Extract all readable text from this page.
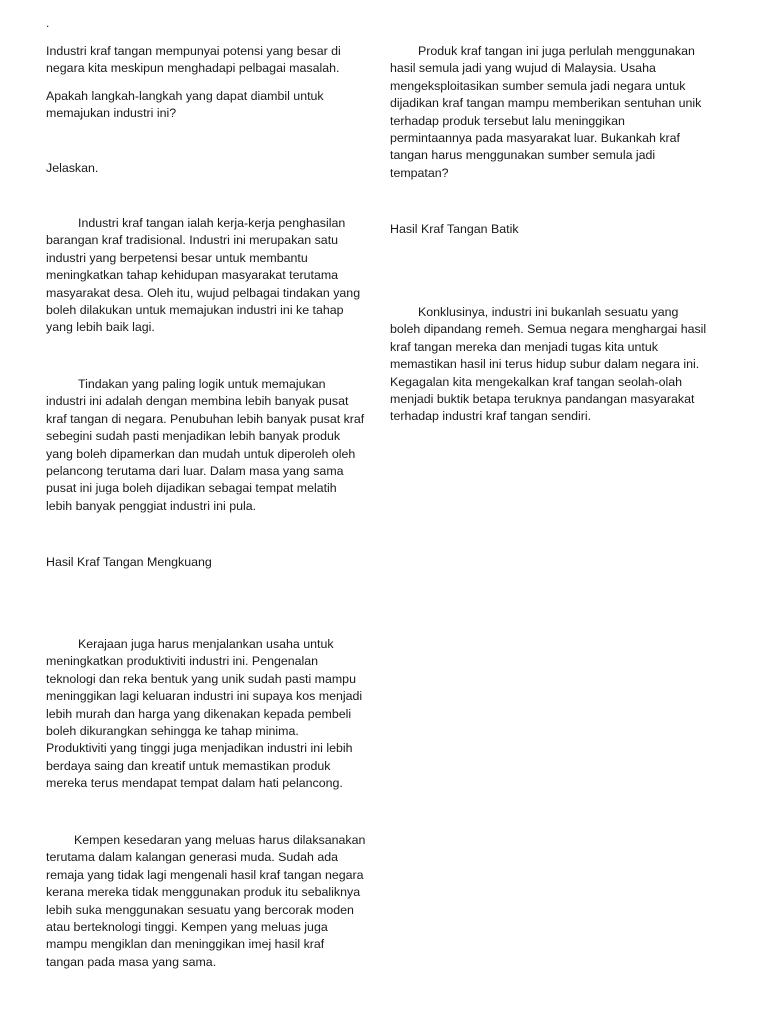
.

Industri kraf tangan mempunyai potensi yang besar di
negara kita meskipun menghadapi pelbagai masalah.

Apakah langkah-langkah yang dapat diambil untuk
memajukan industri ini?

Jelaskan.

Industri kraf tangan ialah kerja-kerja penghasilan
barangan kraf tradisional. Industri ini merupakan satu
industri yang berpetensi besar untuk membantu
meningkatkan tahap kehidupan masyarakat terutama
masyarakat desa. Oleh itu, wujud pelbagai tindakan yang
boleh dilakukan untuk memajukan industri ini ke tahap
yang lebih baik lagi.

Tindakan yang paling logik untuk memajukan
industri ini adalah dengan membina lebih banyak pusat
kraf tangan di negara. Penubuhan lebih banyak pusat kraf
sebegini sudah pasti menjadikan lebih banyak produk
yang boleh dipamerkan dan mudah untuk diperoleh oleh
pelancong terutama dari luar. Dalam masa yang sama
pusat ini juga boleh dijadikan sebagai tempat melatih
lebih banyak penggiat industri ini pula.

Hasil Kraf Tangan Mengkuang

Kerajaan juga harus menjalankan usaha untuk
meningkatkan produktiviti industri ini. Pengenalan
teknologi dan reka bentuk yang unik sudah pasti mampu
meninggikan lagi keluaran industri ini supaya kos menjadi
lebih murah dan harga yang dikenakan kepada pembeli
boleh dikurangkan sehingga ke tahap minima.
Produktiviti yang tinggi juga menjadikan industri ini lebih
berdaya saing dan kreatif untuk memastikan produk
mereka terus mendapat tempat dalam hati pelancong.

Kempen kesedaran yang meluas harus dilaksanakan
terutama dalam kalangan generasi muda. Sudah ada
remaja yang tidak lagi mengenali hasil kraf tangan negara
kerana mereka tidak menggunakan produk itu sebaliknya
lebih suka menggunakan sesuatu yang bercorak moden
atau berteknologi tinggi. Kempen yang meluas juga
mampu mengiklan dan meninggikan imej hasil kraf
tangan pada masa yang sama.

Produk kraf tangan ini juga perlulah menggunakan
hasil semula jadi yang wujud di Malaysia. Usaha
mengeksploitasikan sumber semula jadi negara untuk
dijadikan kraf tangan mampu memberikan sentuhan unik
terhadap produk tersebut lalu meninggikan
permintaannya pada masyarakat luar. Bukankah kraf
tangan harus menggunakan sumber semula jadi
tempatan?

Hasil Kraf Tangan Batik

Konklusinya, industri ini bukanlah sesuatu yang
boleh dipandang remeh. Semua negara menghargai hasil
kraf tangan mereka dan menjadi tugas kita untuk
memastikan hasil ini terus hidup subur dalam negara ini.
Kegagalan kita mengekalkan kraf tangan seolah-olah
menjadi buktik betapa teruknya pandangan masyarakat
terhadap industri kraf tangan sendiri.
